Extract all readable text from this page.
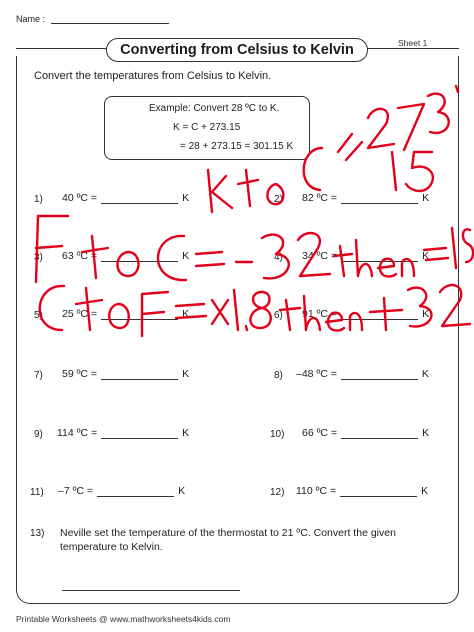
Name :
Converting from Celsius to Kelvin	Sheet 1
Convert the temperatures from Celsius to Kelvin.
Example: Convert 28 ºC to K.
K = C + 273.15
= 28 + 273.15 = 301.15 K
1) 40 ºC =	K	2) 82 ºC =	K
3) 63 ºC =	K	4) 34 ºC =	K
5) 25 ºC =	K	6) 91 ºC =	K
7) 59 ºC =	K	8) –48 ºC =	K
9) 114 ºC =	K	10) 66 ºC =	K
11) –7 ºC =	K	12) 110 ºC =	K
13) Neville set the temperature of the thermostat to 21 ºC. Convert the given temperature to Kelvin.
Printable Worksheets @ www.mathworksheets4kids.com
